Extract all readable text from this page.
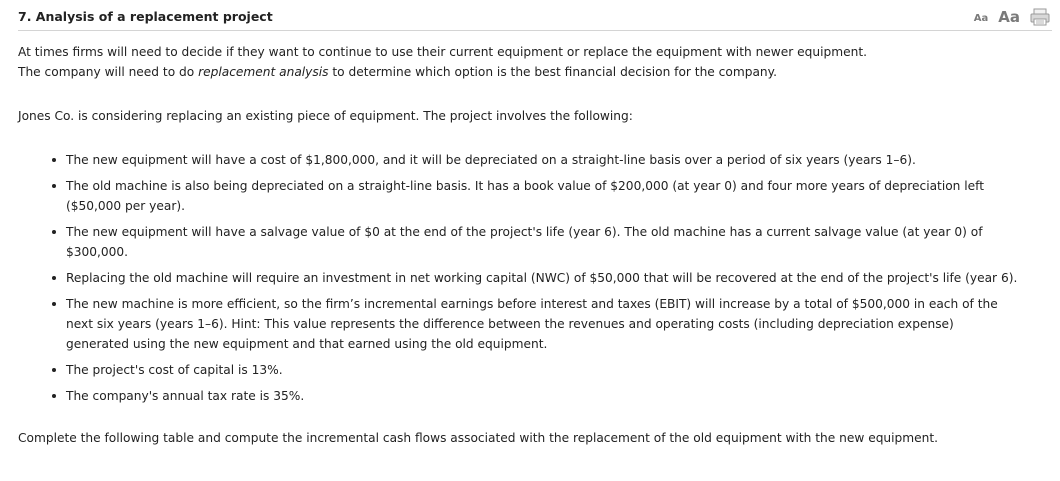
7. Analysis of a replacement project	Aa Aa

At times firms will need to decide if they want to continue to use their current equipment or replace the equipment with newer equipment.
The company will need to do replacement analysis to determine which option is the best financial decision for the company.

Jones Co. is considering replacing an existing piece of equipment. The project involves the following:

The new equipment will have a cost of $1,800,000, and it will be depreciated on a straight-line basis over a period of six years (years 1–6).
The old machine is also being depreciated on a straight-line basis. It has a book value of $200,000 (at year 0) and four more years of depreciation left ($50,000 per year).
The new equipment will have a salvage value of $0 at the end of the project's life (year 6). The old machine has a current salvage value (at year 0) of $300,000.
Replacing the old machine will require an investment in net working capital (NWC) of $50,000 that will be recovered at the end of the project's life (year 6).
The new machine is more efficient, so the firm’s incremental earnings before interest and taxes (EBIT) will increase by a total of $500,000 in each of the next six years (years 1–6). Hint: This value represents the difference between the revenues and operating costs (including depreciation expense) generated using the new equipment and that earned using the old equipment.
The project's cost of capital is 13%.
The company's annual tax rate is 35%.

Complete the following table and compute the incremental cash flows associated with the replacement of the old equipment with the new equipment.
